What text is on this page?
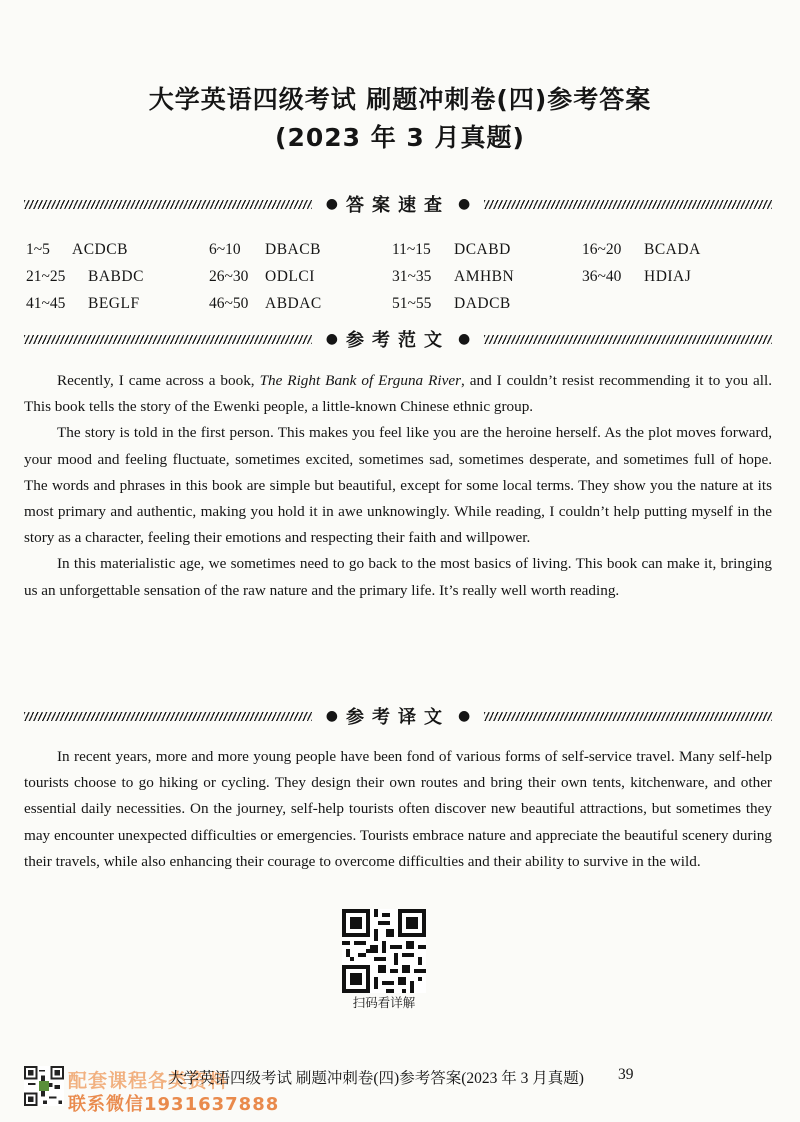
大学英语四级考试 刷题冲刺卷(四)参考答案
(2023 年 3 月真题)
● 答案速查 ●
1~5	ACDCB	6~10	DBACB	11~15	DCABD	16~20	BCADA
21~25	BABDC	26~30	ODLCI	31~35	AMHBN	36~40	HDIAJ
41~45	BEGLF	46~50	ABDAC	51~55	DADCB
● 参考范文 ●

Recently, I came across a book, The Right Bank of Erguna River, and I couldn’t resist recommending it to you all. This book tells the story of the Ewenki people, a little-known Chinese ethnic group.

The story is told in the first person. This makes you feel like you are the heroine herself. As the plot moves forward, your mood and feeling fluctuate, sometimes excited, sometimes sad, sometimes desperate, and sometimes full of hope. The words and phrases in this book are simple but beautiful, except for some local terms. They show you the nature at its most primary and authentic, making you hold it in awe unknowingly. While reading, I couldn’t help putting myself in the story as a character, feeling their emotions and respecting their faith and willpower.

In this materialistic age, we sometimes need to go back to the most basics of living. This book can make it, bringing us an unforgettable sensation of the raw nature and the primary life. It’s really well worth reading.

● 参考译文 ●

In recent years, more and more young people have been fond of various forms of self-service travel. Many self-help tourists choose to go hiking or cycling. They design their own routes and bring their own tents, kitchenware, and other essential daily necessities. On the journey, self-help tourists often discover new beautiful attractions, but sometimes they may encounter unexpected difficulties or emergencies. Tourists embrace nature and appreciate the beautiful scenery during their travels, while also enhancing their courage to overcome difficulties and their ability to survive in the wild.

扫码看详解
配套课程各类资料
联系微信1931637888
大学英语四级考试 刷题冲刺卷(四)参考答案(2023 年 3 月真题) 39
